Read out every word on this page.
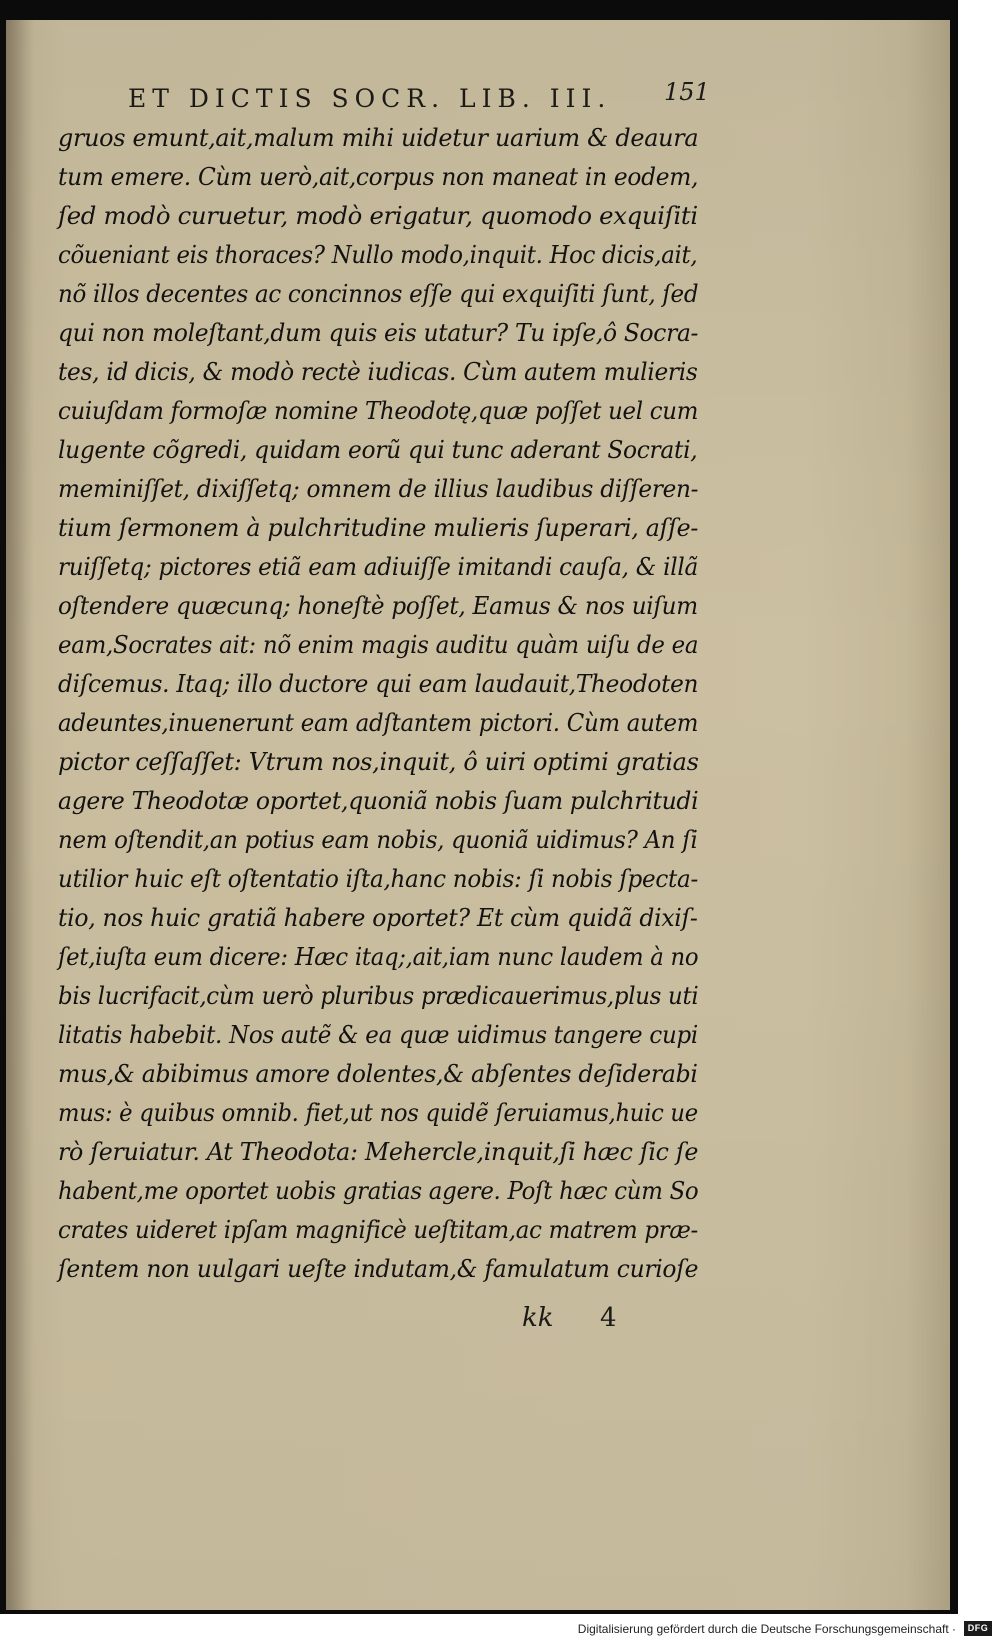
ET DICTIS SOCR. LIB. III.	151
gruos emunt,ait,malum mihi uidetur uarium & deaura
tum emere. Cùm uerò,ait,corpus non maneat in eodem,
ſed modò curuetur, modò erigatur, quomodo exquiſiti
cõueniant eis thoraces? Nullo modo,inquit. Hoc dicis,ait,
nõ illos decentes ac concinnos eſſe qui exquiſiti ſunt, ſed
qui non moleſtant,dum quis eis utatur? Tu ipſe,ô Socra-
tes, id dicis, & modò rectè iudicas. Cùm autem mulieris
cuiuſdam formoſæ nomine Theodotę,quæ poſſet uel cum
lugente cõgredi, quidam eorũ qui tunc aderant Socrati,
meminiſſet, dixiſſetq; omnem de illius laudibus diſſeren-
tium ſermonem à pulchritudine mulieris ſuperari, aſſe-
ruiſſetq; pictores etiã eam adiuiſſe imitandi cauſa, & illã
oſtendere quæcunq; honeſtè poſſet, Eamus & nos uiſum
eam,Socrates ait: nõ enim magis auditu quàm uiſu de ea
diſcemus. Itaq; illo ductore qui eam laudauit,Theodoten
adeuntes,inuenerunt eam adſtantem pictori. Cùm autem
pictor ceſſaſſet: Vtrum nos,inquit, ô uiri optimi gratias
agere Theodotæ oportet,quoniã nobis ſuam pulchritudi
nem oſtendit,an potius eam nobis, quoniã uidimus? An ſi
utilior huic eſt oſtentatio iſta,hanc nobis: ſi nobis ſpecta-
tio, nos huic gratiã habere oportet? Et cùm quidã dixiſ-
ſet,iuſta eum dicere: Hæc itaq;,ait,iam nunc laudem à no
bis lucrifacit,cùm uerò pluribus prædicauerimus,plus uti
litatis habebit. Nos autẽ & ea quæ uidimus tangere cupi
mus,& abibimus amore dolentes,& abſentes deſiderabi
mus: è quibus omnib. fiet,ut nos quidẽ ſeruiamus,huic ue
rò ſeruiatur. At Theodota: Mehercle,inquit,ſi hæc ſic ſe
habent,me oportet uobis gratias agere. Poſt hæc cùm So
crates uideret ipſam magnificè ueſtitam,ac matrem præ-
ſentem non uulgari ueſte indutam,& famulatum curioſe
kk 4
Digitalisierung gefördert durch die Deutsche Forschungsgemeinschaft ·	DFG
